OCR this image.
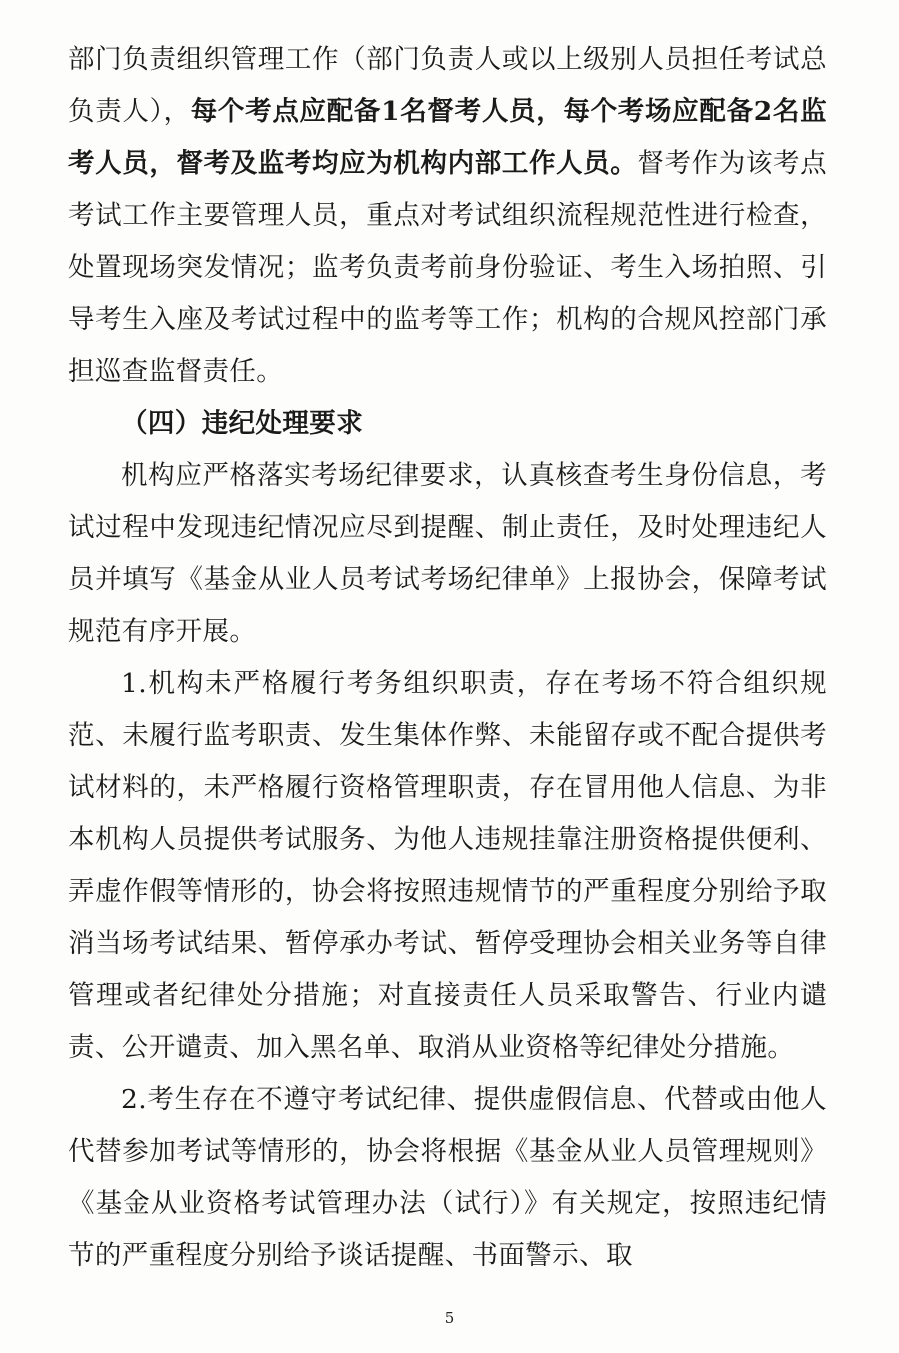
部门负责组织管理工作（部门负责人或以上级别人员担任考试总负责人），每个考点应配备1名督考人员，每个考场应配备2名监考人员，督考及监考均应为机构内部工作人员。督考作为该考点考试工作主要管理人员，重点对考试组织流程规范性进行检查，处置现场突发情况；监考负责考前身份验证、考生入场拍照、引导考生入座及考试过程中的监考等工作；机构的合规风控部门承担巡查监督责任。

（四）违纪处理要求

机构应严格落实考场纪律要求，认真核查考生身份信息，考试过程中发现违纪情况应尽到提醒、制止责任，及时处理违纪人员并填写《基金从业人员考试考场纪律单》上报协会，保障考试规范有序开展。

1.机构未严格履行考务组织职责，存在考场不符合组织规范、未履行监考职责、发生集体作弊、未能留存或不配合提供考试材料的，未严格履行资格管理职责，存在冒用他人信息、为非本机构人员提供考试服务、为他人违规挂靠注册资格提供便利、弄虚作假等情形的，协会将按照违规情节的严重程度分别给予取消当场考试结果、暂停承办考试、暂停受理协会相关业务等自律管理或者纪律处分措施；对直接责任人员采取警告、行业内谴责、公开谴责、加入黑名单、取消从业资格等纪律处分措施。

2.考生存在不遵守考试纪律、提供虚假信息、代替或由他人代替参加考试等情形的，协会将根据《基金从业人员管理规则》《基金从业资格考试管理办法（试行）》有关规定，按照违纪情节的严重程度分别给予谈话提醒、书面警示、取

5
